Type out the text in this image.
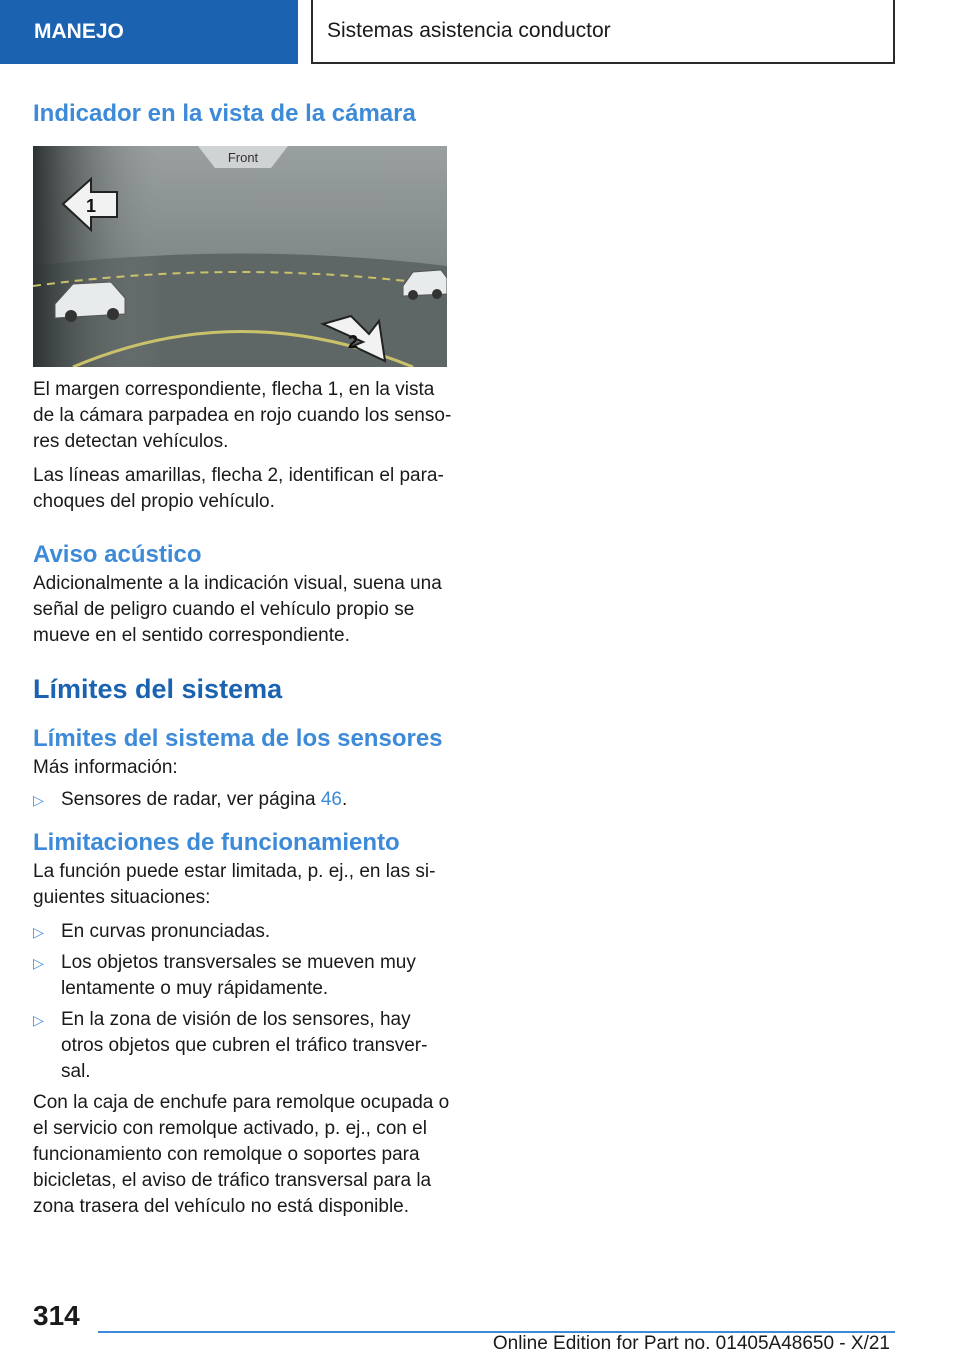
MANEJO	Sistemas asistencia conductor
Indicador en la vista de la cámara
Front
1
2

El margen correspondiente, flecha 1, en la vista de la cámara parpadea en rojo cuando los senso- res detectan vehículos.

Las líneas amarillas, flecha 2, identifican el para- choques del propio vehículo.

Aviso acústico

Adicionalmente a la indicación visual, suena una señal de peligro cuando el vehículo propio se mueve en el sentido correspondiente.

Límites del sistema
Límites del sistema de los sensores

Más información:

▷ Sensores de radar, ver página 46.
Limitaciones de funcionamiento

La función puede estar limitada, p. ej., en las si- guientes situaciones:

▷ En curvas pronunciadas.
▷ Los objetos transversales se mueven muy lentamente o muy rápidamente.
▷ En la zona de visión de los sensores, hay otros objetos que cubren el tráfico transver- sal.

Con la caja de enchufe para remolque ocupada o el servicio con remolque activado, p. ej., con el funcionamiento con remolque o soportes para bicicletas, el aviso de tráfico transversal para la zona trasera del vehículo no está disponible.

314
Online Edition for Part no. 01405A48650 - X/21
